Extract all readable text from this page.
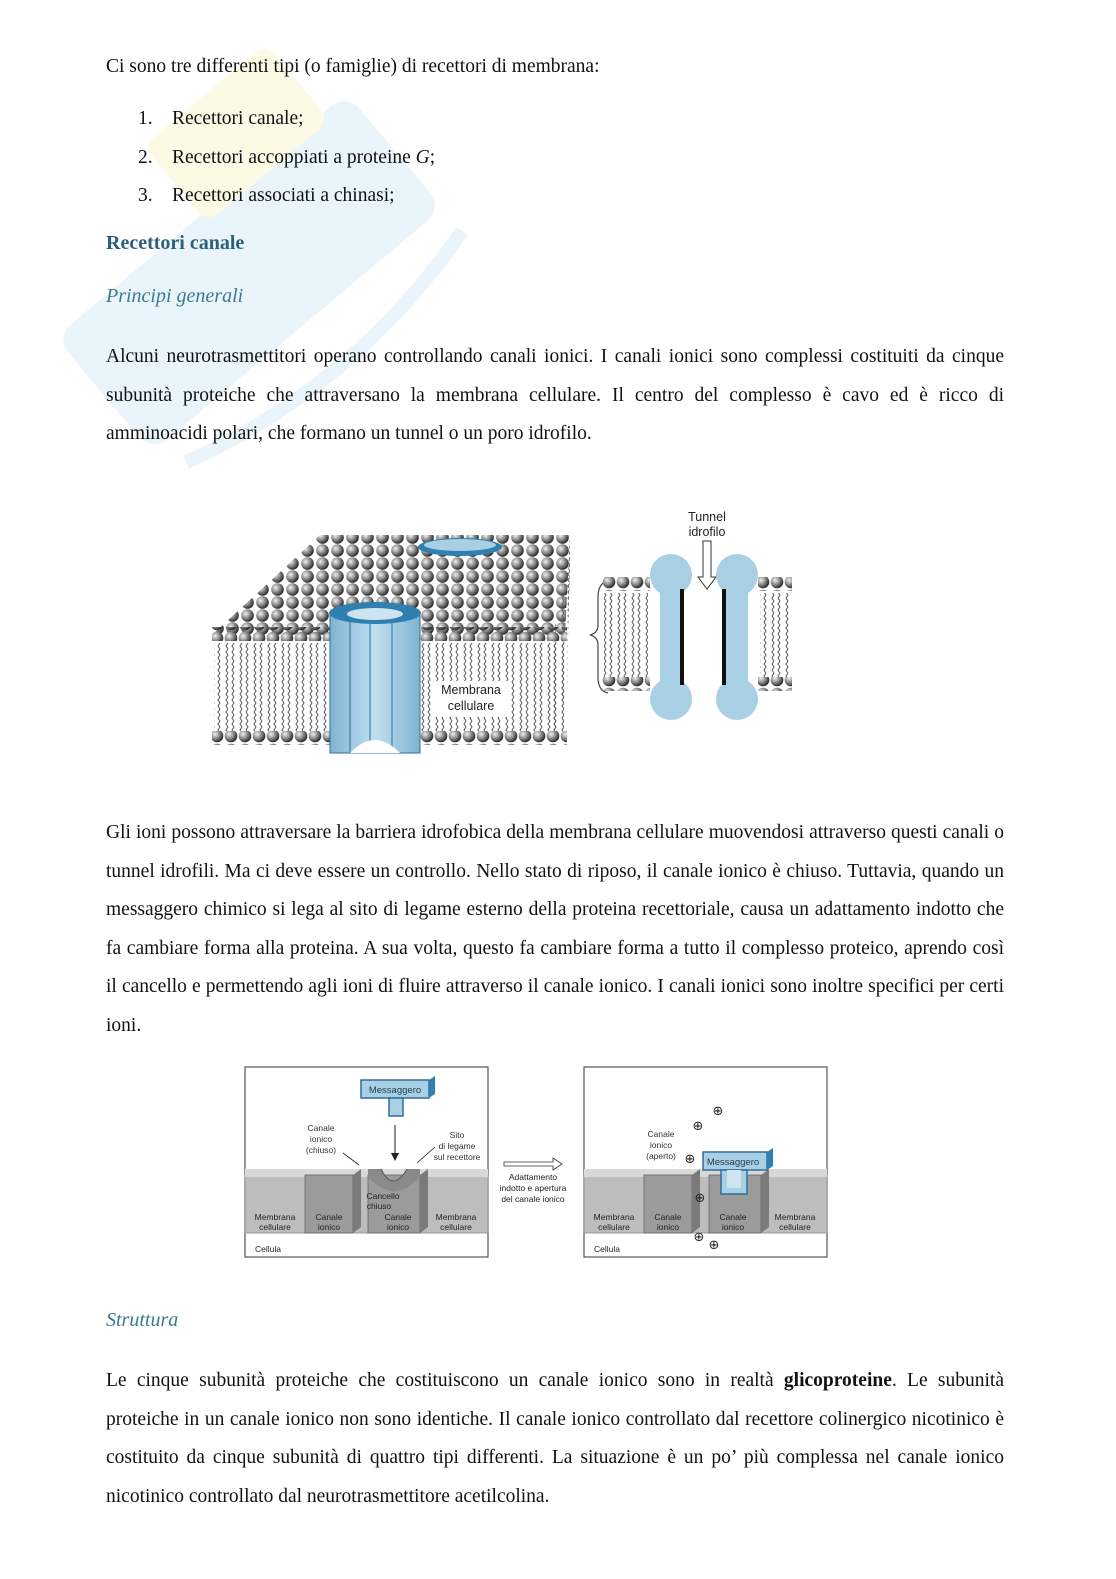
Ci sono tre differenti tipi (o famiglie) di recettori di membrana:
1. Recettori canale;
2. Recettori accoppiati a proteine G;
3. Recettori associati a chinasi;
Recettori canale
Principi generali
Alcuni neurotrasmettitori operano controllando canali ionici. I canali ionici sono complessi costituiti da cinque subunità proteiche che attraversano la membrana cellulare. Il centro del complesso è cavo ed è ricco di amminoacidi polari, che formano un tunnel o un poro idrofilo.
Membrana
cellulare
Tunnel
idrofilo
Gli ioni possono attraversare la barriera idrofobica della membrana cellulare muovendosi attraverso questi canali o tunnel idrofili. Ma ci deve essere un controllo. Nello stato di riposo, il canale ionico è chiuso. Tuttavia, quando un messaggero chimico si lega al sito di legame esterno della proteina recettoriale, causa un adattamento indotto che fa cambiare forma alla proteina. A sua volta, questo fa cambiare forma a tutto il complesso proteico, aprendo così il cancello e permettendo agli ioni di fluire attraverso il canale ionico. I canali ionici sono inoltre specifici per certi ioni.
Messaggero
Canale
ionico
(chiuso)
Sito
di legame
sul recettore
Cancello
chiuso
Membrana
cellulare
Canale
ionico
Canale
ionico
Membrana
cellulare
Cellula
Adattamento
indotto e apertura
del canale ionico
Messaggero
Canale
ionico
(aperto)
⊕
⊕
⊕
⊕
⊕
⊕
Membrana
cellulare
Canale
ionico
Canale
ionico
Membrana
cellulare
Cellula
Struttura
Le cinque subunità proteiche che costituiscono un canale ionico sono in realtà glicoproteine. Le subunità proteiche in un canale ionico non sono identiche. Il canale ionico controllato dal recettore colinergico nicotinico è costituito da cinque subunità di quattro tipi differenti. La situazione è un po’ più complessa nel canale ionico nicotinico controllato dal neurotrasmettitore acetilcolina.
